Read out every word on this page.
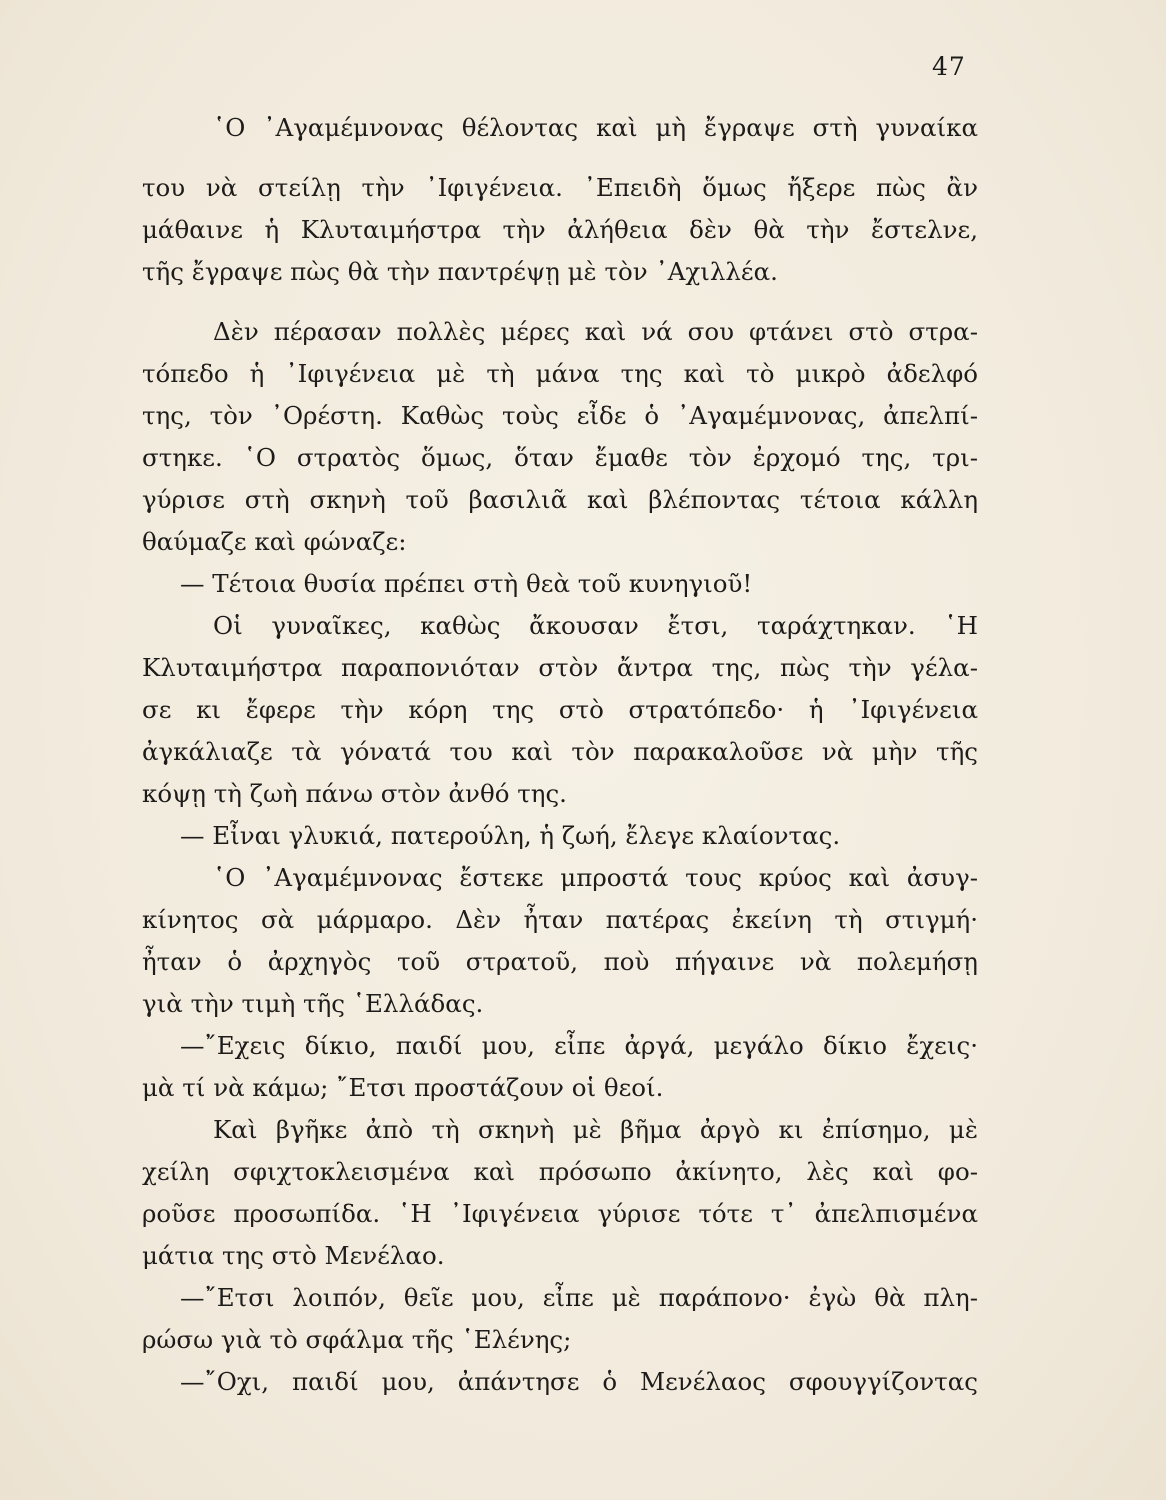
47
῾Ο ᾿Αγαμέμνονας θέλοντας καὶ μὴ ἔγραψε στὴ γυναίκα
του νὰ στείλῃ τὴν ᾿Ιφιγένεια. ᾿Επειδὴ ὅμως ἤξερε πὼς ἂν
μάθαινε ἡ Κλυταιμήστρα τὴν ἀλήθεια δὲν θὰ τὴν ἔστελνε,
τῆς ἔγραψε πὼς θὰ τὴν παντρέψῃ μὲ τὸν ᾿Αχιλλέα.
Δὲν πέρασαν πολλὲς μέρες καὶ νά σου φτάνει στὸ στρα-
τόπεδο ἡ ᾿Ιφιγένεια μὲ τὴ μάνα της καὶ τὸ μικρὸ ἀδελφό
της, τὸν ᾿Ορέστη. Καθὼς τοὺς εἶδε ὁ ᾿Αγαμέμνονας, ἀπελπί-
στηκε. ῾Ο στρατὸς ὅμως, ὅταν ἔμαθε τὸν ἐρχομό της, τρι-
γύρισε στὴ σκηνὴ τοῦ βασιλιᾶ καὶ βλέποντας τέτοια κάλλη
θαύμαζε καὶ φώναζε:
— Τέτοια θυσία πρέπει στὴ θεὰ τοῦ κυνηγιοῦ!
Οἱ γυναῖκες, καθὼς ἄκουσαν ἔτσι, ταράχτηκαν. ῾Η
Κλυταιμήστρα παραπονιόταν στὸν ἄντρα της, πὼς τὴν γέλα-
σε κι ἔφερε τὴν κόρη της στὸ στρατόπεδο· ἡ ᾿Ιφιγένεια
ἀγκάλιαζε τὰ γόνατά του καὶ τὸν παρακαλοῦσε νὰ μὴν τῆς
κόψῃ τὴ ζωὴ πάνω στὸν ἀνθό της.
— Εἶναι γλυκιά, πατερούλη, ἡ ζωή, ἔλεγε κλαίοντας.
῾Ο ᾿Αγαμέμνονας ἔστεκε μπροστά τους κρύος καὶ ἀσυγ-
κίνητος σὰ μάρμαρο. Δὲν ἦταν πατέρας ἐκείνη τὴ στιγμή·
ἦταν ὁ ἀρχηγὸς τοῦ στρατοῦ, ποὺ πήγαινε νὰ πολεμήσῃ
γιὰ τὴν τιμὴ τῆς ῾Ελλάδας.
—῎Εχεις δίκιο, παιδί μου, εἶπε ἀργά, μεγάλο δίκιο ἔχεις·
μὰ τί νὰ κάμω; ῎Ετσι προστάζουν οἱ θεοί.
Καὶ βγῆκε ἀπὸ τὴ σκηνὴ μὲ βῆμα ἀργὸ κι ἐπίσημο, μὲ
χείλη σφιχτοκλεισμένα καὶ πρόσωπο ἀκίνητο, λὲς καὶ φο-
ροῦσε προσωπίδα. ῾Η ᾿Ιφιγένεια γύρισε τότε τ᾿ ἀπελπισμένα
μάτια της στὸ Μενέλαο.
—῎Ετσι λοιπόν, θεῖε μου, εἶπε μὲ παράπονο· ἐγὼ θὰ πλη-
ρώσω γιὰ τὸ σφάλμα τῆς ῾Ελένης;
—῎Οχι, παιδί μου, ἀπάντησε ὁ Μενέλαος σφουγγίζοντας
